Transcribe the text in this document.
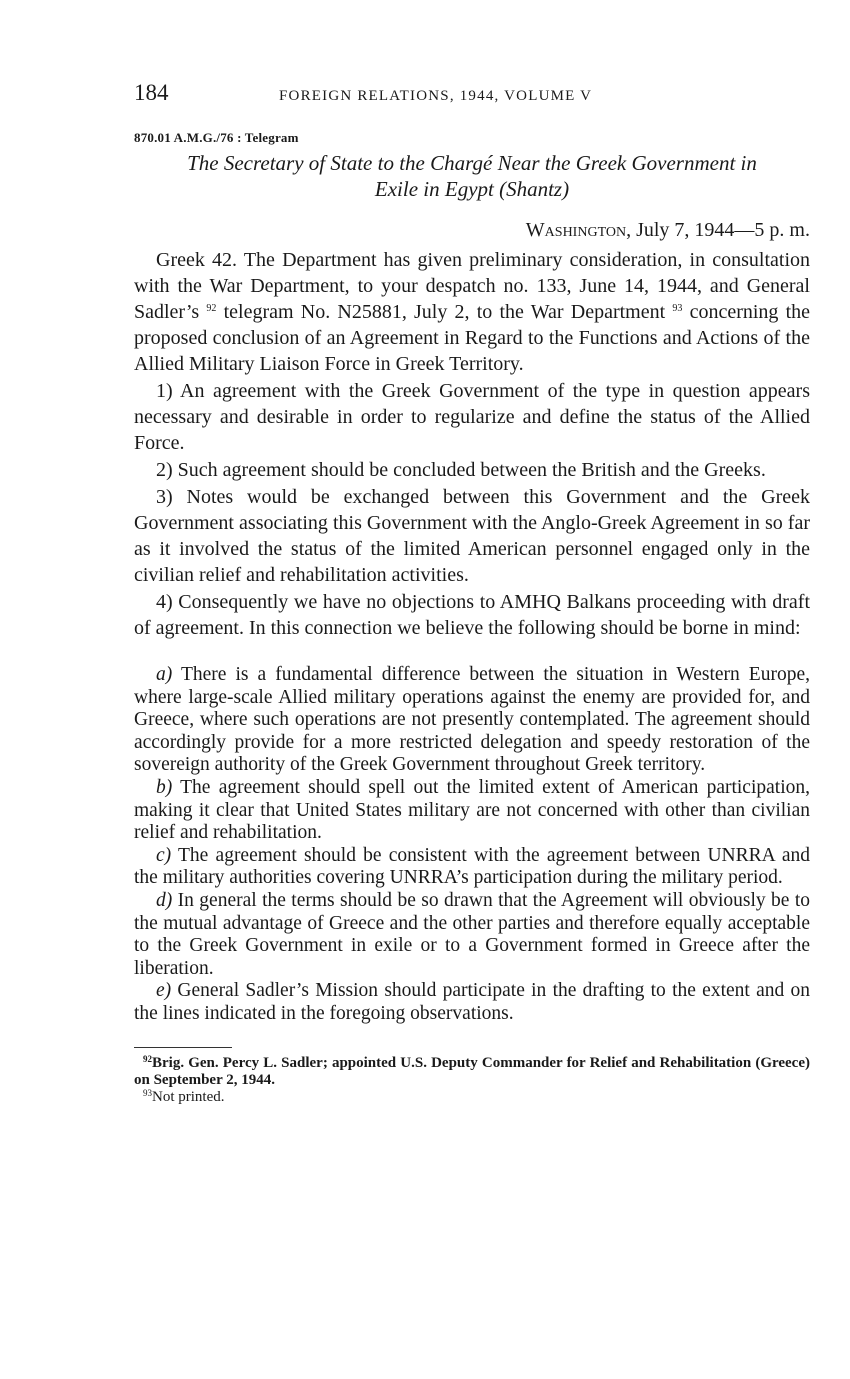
184	FOREIGN RELATIONS, 1944, VOLUME V
870.01 A.M.G./76 : Telegram
The Secretary of State to the Chargé Near the Greek Government in
Exile in Egypt (Shantz)
Washington, July 7, 1944—5 p. m.

Greek 42. The Department has given preliminary consideration, in consultation with the War Department, to your despatch no. 133, June 14, 1944, and General Sadler’s $^{92}$ telegram No. N25881, July 2, to the War Department $^{93}$ concerning the proposed conclusion of an Agreement in Regard to the Functions and Actions of the Allied Military Liaison Force in Greek Territory.

1) An agreement with the Greek Government of the type in question appears necessary and desirable in order to regularize and define the status of the Allied Force.

2) Such agreement should be concluded between the British and the Greeks.

3) Notes would be exchanged between this Government and the Greek Government associating this Government with the Anglo-Greek Agreement in so far as it involved the status of the limited American personnel engaged only in the civilian relief and rehabilitation activities.

4) Consequently we have no objections to AMHQ Balkans proceeding with draft of agreement. In this connection we believe the following should be borne in mind:

a) There is a fundamental difference between the situation in Western Europe, where large-scale Allied military operations against the enemy are provided for, and Greece, where such operations are not presently contemplated. The agreement should accordingly provide for a more restricted delegation and speedy restoration of the sovereign authority of the Greek Government throughout Greek territory.

b) The agreement should spell out the limited extent of American participation, making it clear that United States military are not concerned with other than civilian relief and rehabilitation.

c) The agreement should be consistent with the agreement between UNRRA and the military authorities covering UNRRA’s participation during the military period.

d) In general the terms should be so drawn that the Agreement will obviously be to the mutual advantage of Greece and the other parties and therefore equally acceptable to the Greek Government in exile or to a Government formed in Greece after the liberation.

e) General Sadler’s Mission should participate in the drafting to the extent and on the lines indicated in the foregoing observations.

$^{92}$Brig. Gen. Percy L. Sadler; appointed U.S. Deputy Commander for Relief and Rehabilitation (Greece) on September 2, 1944.

$^{93}$Not printed.
